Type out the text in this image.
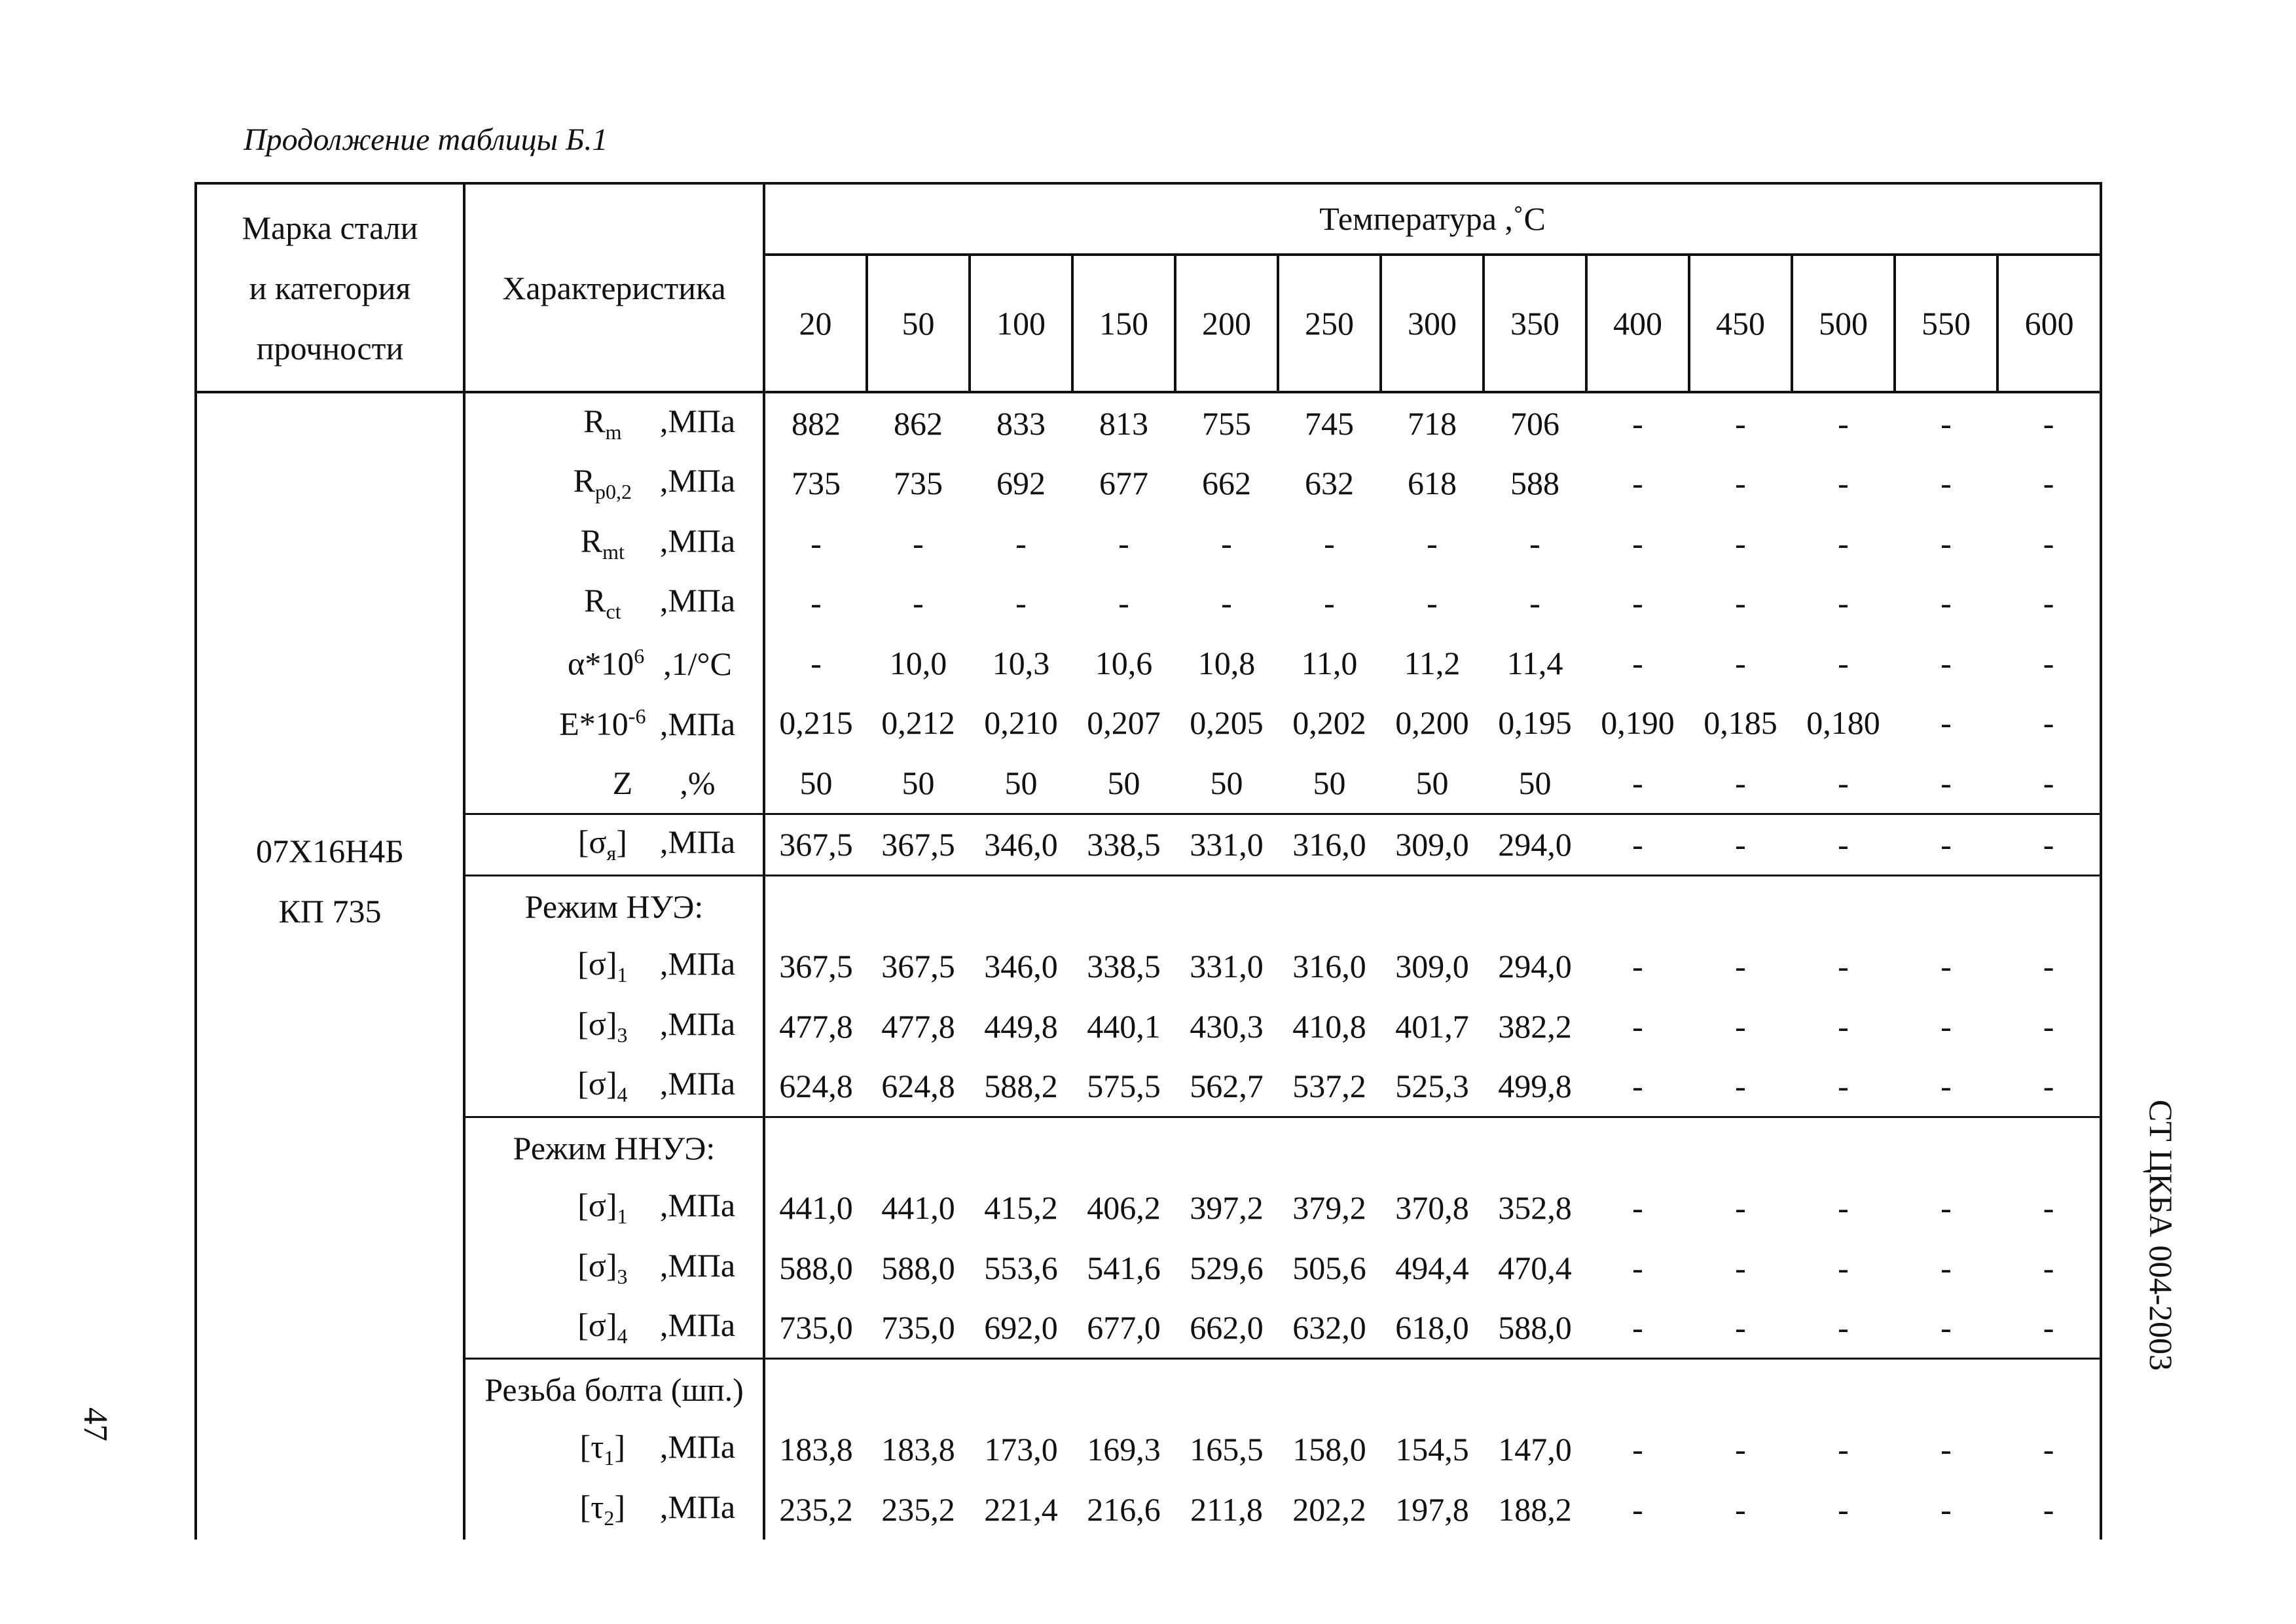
Продолжение таблицы Б.1
Марка стали
и категория
прочности	Характеристика	Температура ,˚С												
		20	50	100	150	200	250	300	350	400	450	500	550	600
07Х16Н4Б
КП 735	$R_m$ ,МПа	882	862	833	813	755	745	718	706	-	-	-	-	-
	$R_{p0,2}$ ,МПа	735	735	692	677	662	632	618	588	-	-	-	-	-
	$R_{mt}$ ,МПа	-	-	-	-	-	-	-	-	-	-	-	-	-
	$R_{ct}$ ,МПа	-	-	-	-	-	-	-	-	-	-	-	-	-
	$\alpha*10^6$ ,1/°С	-	10,0	10,3	10,6	10,8	11,0	11,2	11,4	-	-	-	-	-
	$E*10^{-6}$ ,МПа	0,215	0,212	0,210	0,207	0,205	0,202	0,200	0,195	0,190	0,185	0,180	-	-
	Z ,%	50	50	50	50	50	50	50	50	-	-	-	-	-
	$[\sigma_я]$ ,МПа	367,5	367,5	346,0	338,5	331,0	316,0	309,0	294,0	-	-	-	-	-
	Режим НУЭ:													
	$[\sigma]_1$ ,МПа	367,5	367,5	346,0	338,5	331,0	316,0	309,0	294,0	-	-	-	-	-
	$[\sigma]_3$ ,МПа	477,8	477,8	449,8	440,1	430,3	410,8	401,7	382,2	-	-	-	-	-
	$[\sigma]_4$ ,МПа	624,8	624,8	588,2	575,5	562,7	537,2	525,3	499,8	-	-	-	-	-
	Режим ННУЭ:													
	$[\sigma]_1$ ,МПа	441,0	441,0	415,2	406,2	397,2	379,2	370,8	352,8	-	-	-	-	-
	$[\sigma]_3$ ,МПа	588,0	588,0	553,6	541,6	529,6	505,6	494,4	470,4	-	-	-	-	-
	$[\sigma]_4$ ,МПа	735,0	735,0	692,0	677,0	662,0	632,0	618,0	588,0	-	-	-	-	-
	Резьба болта (шп.)													
	$[\tau_1]$ ,МПа	183,8	183,8	173,0	169,3	165,5	158,0	154,5	147,0	-	-	-	-	-
	$[\tau_2]$ ,МПа	235,2	235,2	221,4	216,6	211,8	202,2	197,8	188,2	-	-	-	-	-
СТ ЦКБА 004-2003
47
